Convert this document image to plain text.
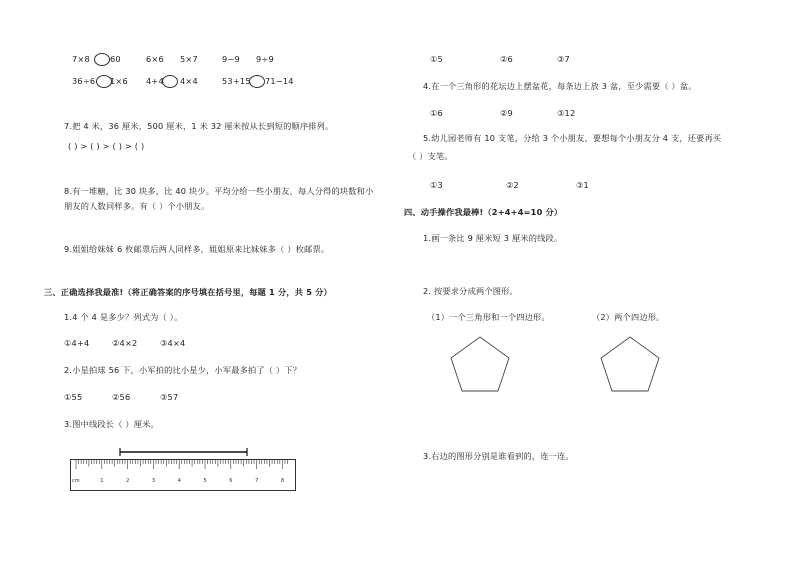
7×8 60	6×6 5×7	9−9 9÷9
36÷6 1×6 4+4 4×4	53+15 71−14
7.把 4 米，36 厘米，500 厘米，1 米 32 厘米按从长到短的顺序排列。
( ) > ( ) > ( ) > ( )
8.有一堆糖，比 30 块多，比 40 块少。平均分给一些小朋友，每人分得的块数和小
朋友的人数同样多。有（ ）个小朋友。
9.姐姐给妹妹 6 枚邮票后两人同样多，姐姐原来比妹妹多（ ）枚邮票。
三、正确选择我最准!（将正确答案的序号填在括号里，每题 1 分，共 5 分）
1.4 个 4 是多少？列式为（ ）。
①4+4	②4×2	③4×4
2.小星拍球 56 下，小军拍的比小星少，小军最多拍了（ ）下？
①55	②56	③57
3.图中线段长（ ）厘米。
cm	1	2	3	4	5	6	7	8
①5	②6	③7
4.在一个三角形的花坛边上摆盆花，每条边上放 3 盆，至少需要（ ）盆。
①6	②9	③12
5.幼儿园老师有 10 支笔，分给 3 个小朋友，要想每个小朋友分 4 支，还要再买
（ ）支笔。
①3	②2	③1
四、动手操作我最棒!（2+4+4=10 分）
1.画一条比 9 厘米短 3 厘米的线段。
2. 按要求分成两个图形。
（1）一个三角形和一个四边形。	（2）两个四边形。
3.右边的图形分别是谁看到的，连一连。
